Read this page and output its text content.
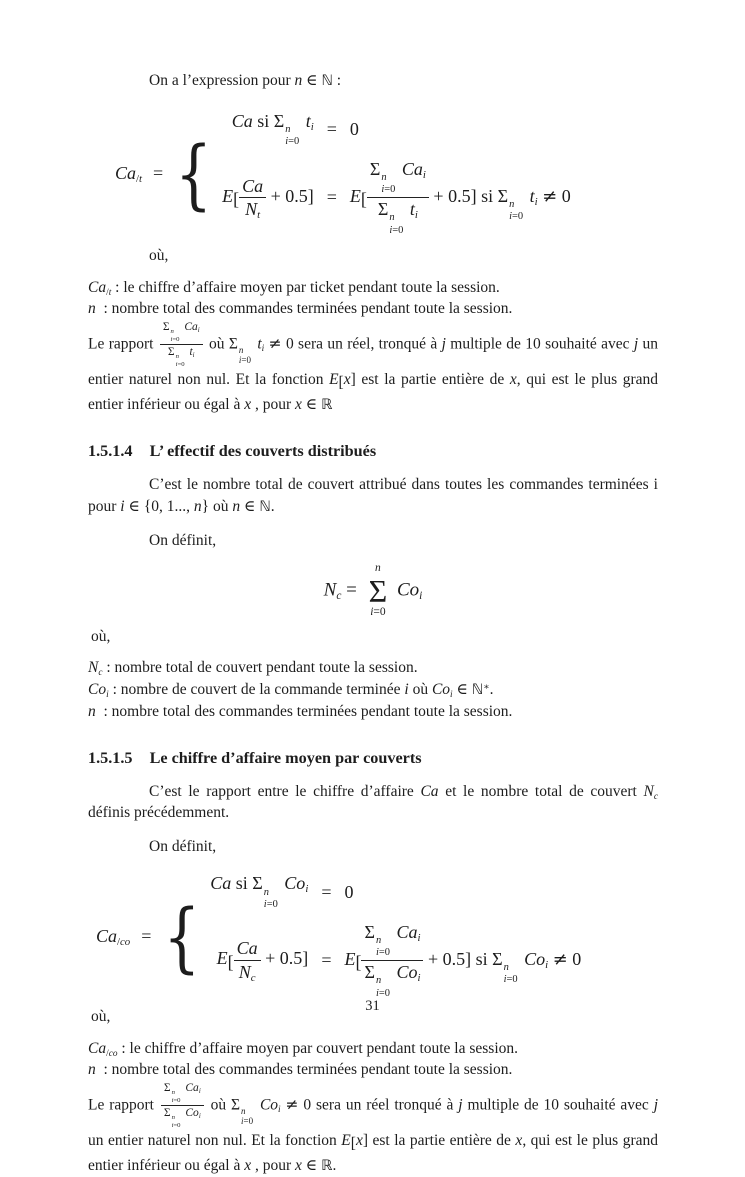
On a l’expression pour n ∈ ℕ :

$Ca_{/t}$ = {
Ca si Σ n
i=0
$t_i = 0$
$E[ \frac{Ca}{N_t} + 0.5] = E$[
Σ n
i=0
$Ca_i$
Σ n
i=0
$t_i$
+ 0.5] si Σ n
i=0
$t_i \ne 0$

où,

$Ca_{/t}$ : le chiffre d’affaire moyen par ticket pendant toute la session.

n  : nombre total des commandes terminées pendant toute la session.

Le rapport
Σ n
i=0
$Ca_i$
Σ n
i=0
$t_i$
où Σ n
i=0
$t_i \ne 0$ sera un réel, tronqué à j multiple de 10 souhaité avec j un entier naturel non nul. Et la fonction E[x] est la partie entière de x, qui est le plus grand entier inférieur ou égal à x , pour x ∈ ℝ

1.5.1.4 L’ effectif des couverts distribués

C’est le nombre total de couvert attribué dans toutes les commandes terminées i pour i ∈ {0, 1..., n} où n ∈ ℕ.

On définit,

$N_c$ =
n
Σ
i=0
$Co_i$

où,

$N_c$ : nombre total de couvert pendant toute la session.

$Co_i$ : nombre de couvert de la commande terminée i où $Co_i$ ∈ ℕ∗.

n  : nombre total des commandes terminées pendant toute la session.

1.5.1.5 Le chiffre d’affaire moyen par couverts

C’est le rapport entre le chiffre d’affaire Ca et le nombre total de couvert $N_c$ définis précédemment.

On définit,

$Ca_{/co}$ = {
Ca si Σ n
i=0
$Co_i = 0$
$E[ \frac{Ca}{N_c} + 0.5] = E$[
Σ n
i=0
$Ca_i$
Σ n
i=0
$Co_i$
+ 0.5] si Σ n
i=0
$Co_i \ne 0$

où,

$Ca_{/co}$ : le chiffre d’affaire moyen par couvert pendant toute la session.

n  : nombre total des commandes terminées pendant toute la session.

Le rapport
Σ n
i=0
$Ca_i$
Σ n
i=0
$Co_i$
où Σ n
i=0
$Co_i \ne 0$ sera un réel tronqué à j multiple de 10 souhaité avec j un entier naturel non nul. Et la fonction E[x] est la partie entière de x, qui est le plus grand entier inférieur ou égal à x , pour x ∈ ℝ.

31
